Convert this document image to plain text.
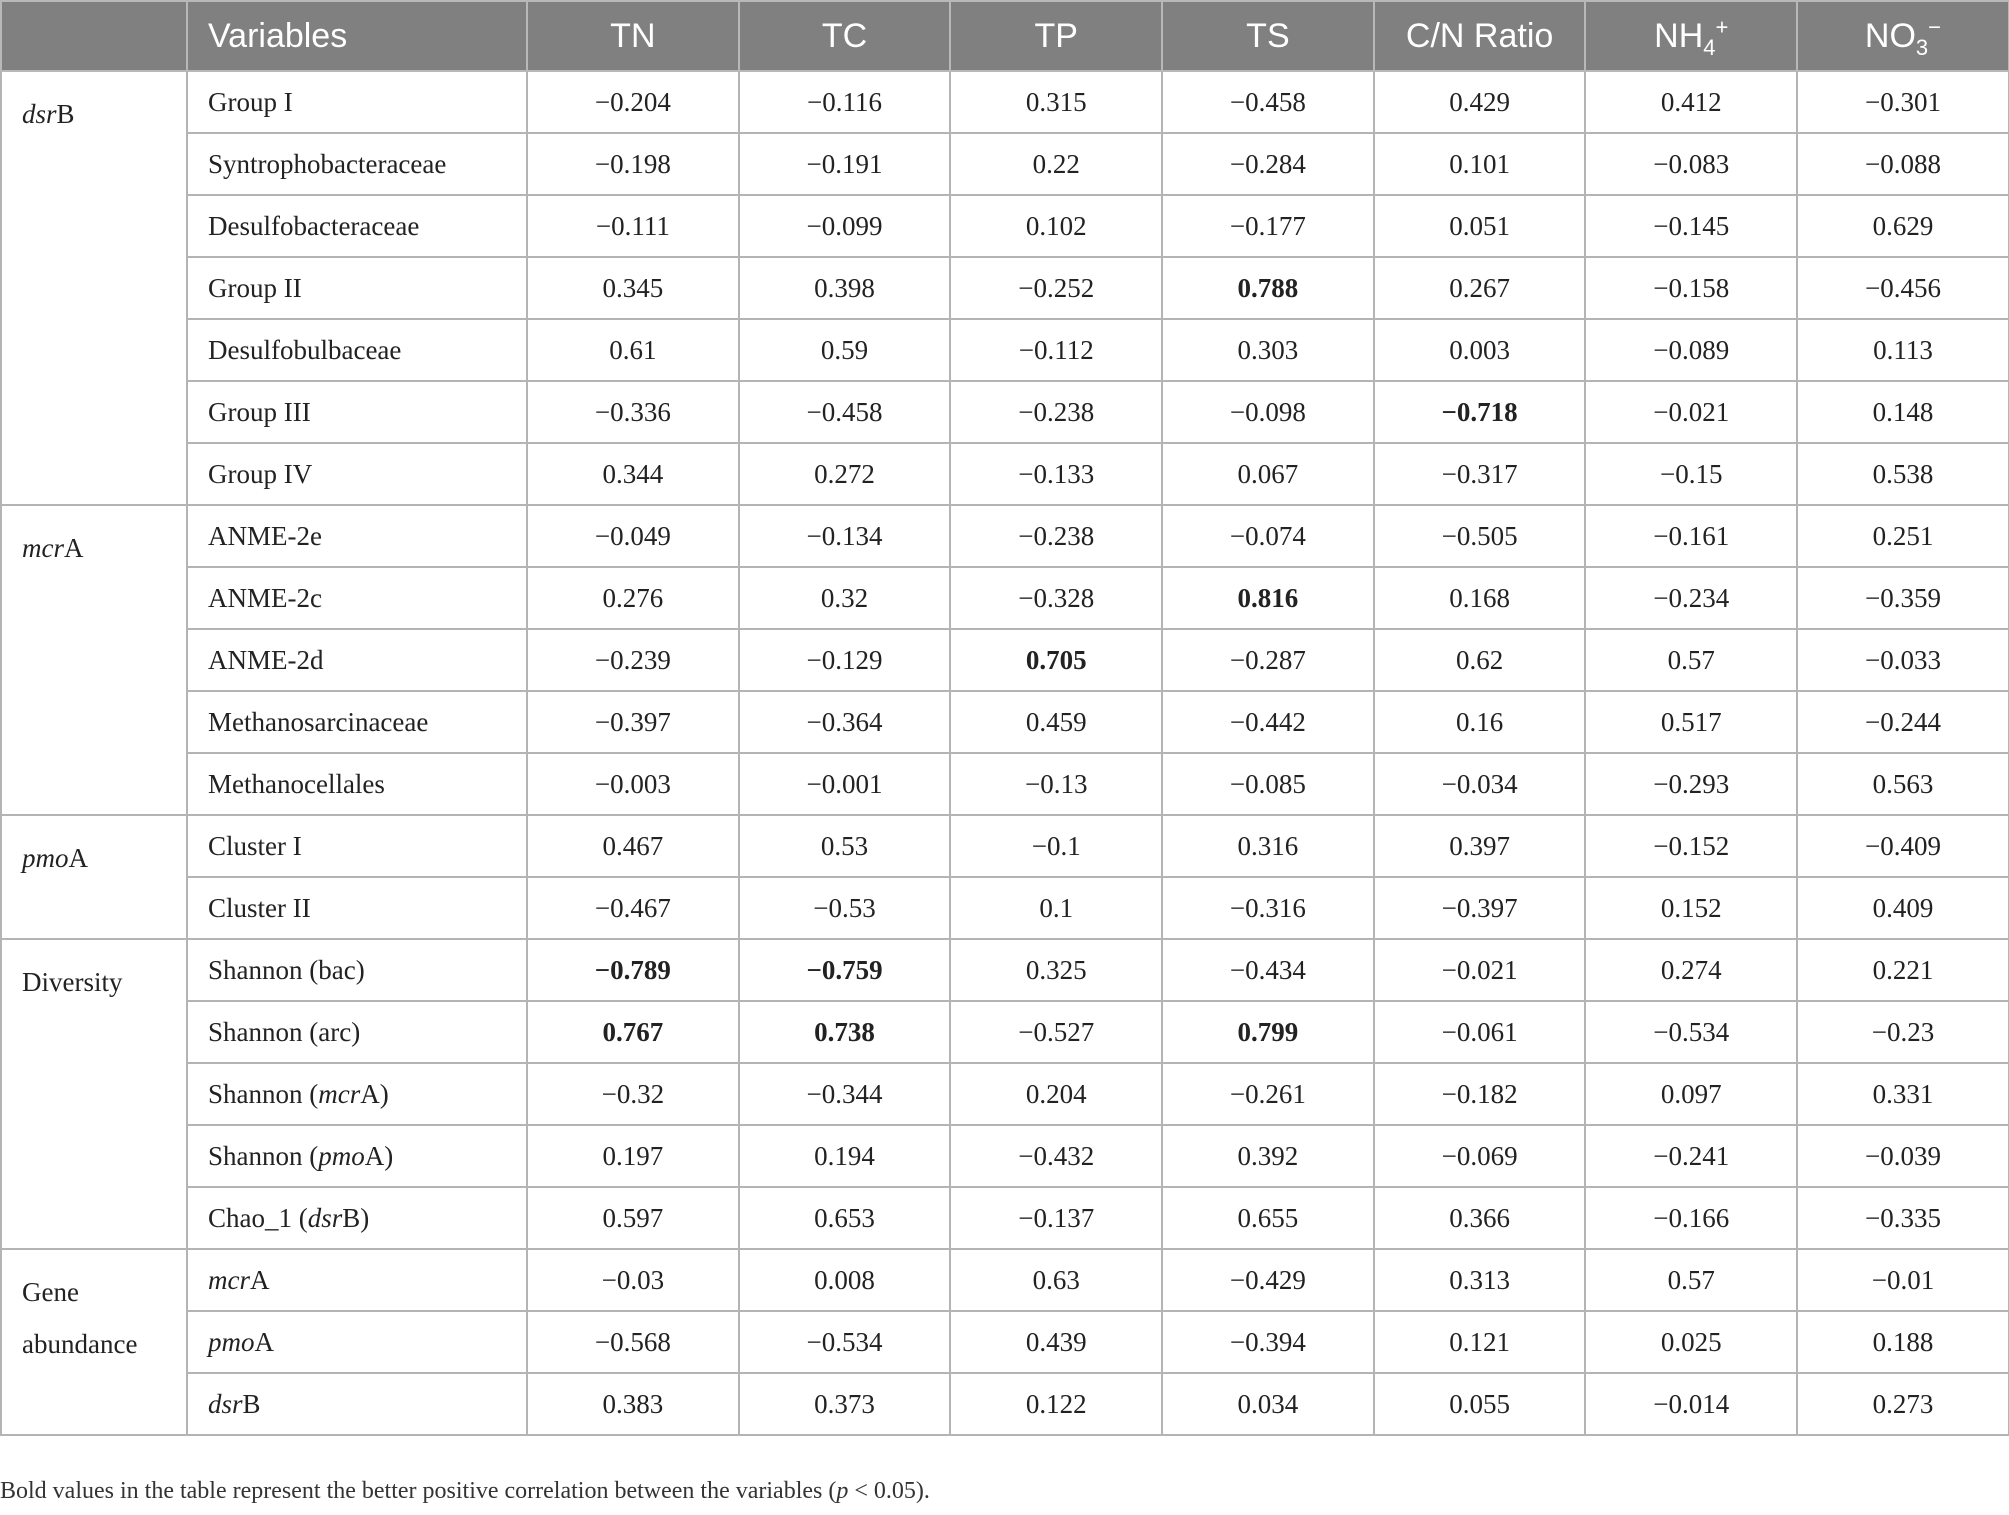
	Variables	TN	TC	TP	TS	C/N Ratio	$NH_4^+$	$NO_3^-$
dsrB	Group I	−0.204	−0.116	0.315	−0.458	0.429	0.412	−0.301
	Syntrophobacteraceae	−0.198	−0.191	0.22	−0.284	0.101	−0.083	−0.088
	Desulfobacteraceae	−0.111	−0.099	0.102	−0.177	0.051	−0.145	0.629
	Group II	0.345	0.398	−0.252	0.788	0.267	−0.158	−0.456
	Desulfobulbaceae	0.61	0.59	−0.112	0.303	0.003	−0.089	0.113
	Group III	−0.336	−0.458	−0.238	−0.098	−0.718	−0.021	0.148
	Group IV	0.344	0.272	−0.133	0.067	−0.317	−0.15	0.538
mcrA	ANME-2e	−0.049	−0.134	−0.238	−0.074	−0.505	−0.161	0.251
	ANME-2c	0.276	0.32	−0.328	0.816	0.168	−0.234	−0.359
	ANME-2d	−0.239	−0.129	0.705	−0.287	0.62	0.57	−0.033
	Methanosarcinaceae	−0.397	−0.364	0.459	−0.442	0.16	0.517	−0.244
	Methanocellales	−0.003	−0.001	−0.13	−0.085	−0.034	−0.293	0.563
pmoA	Cluster I	0.467	0.53	−0.1	0.316	0.397	−0.152	−0.409
	Cluster II	−0.467	−0.53	0.1	−0.316	−0.397	0.152	0.409
Diversity	Shannon (bac)	−0.789	−0.759	0.325	−0.434	−0.021	0.274	0.221
	Shannon (arc)	0.767	0.738	−0.527	0.799	−0.061	−0.534	−0.23
	Shannon (mcrA)	−0.32	−0.344	0.204	−0.261	−0.182	0.097	0.331
	Shannon (pmoA)	0.197	0.194	−0.432	0.392	−0.069	−0.241	−0.039
	Chao_1 (dsrB)	0.597	0.653	−0.137	0.655	0.366	−0.166	−0.335
Gene abundance	mcrA	−0.03	0.008	0.63	−0.429	0.313	0.57	−0.01
	pmoA	−0.568	−0.534	0.439	−0.394	0.121	0.025	0.188
	dsrB	0.383	0.373	0.122	0.034	0.055	−0.014	0.273
Bold values in the table represent the better positive correlation between the variables (p < 0.05).
